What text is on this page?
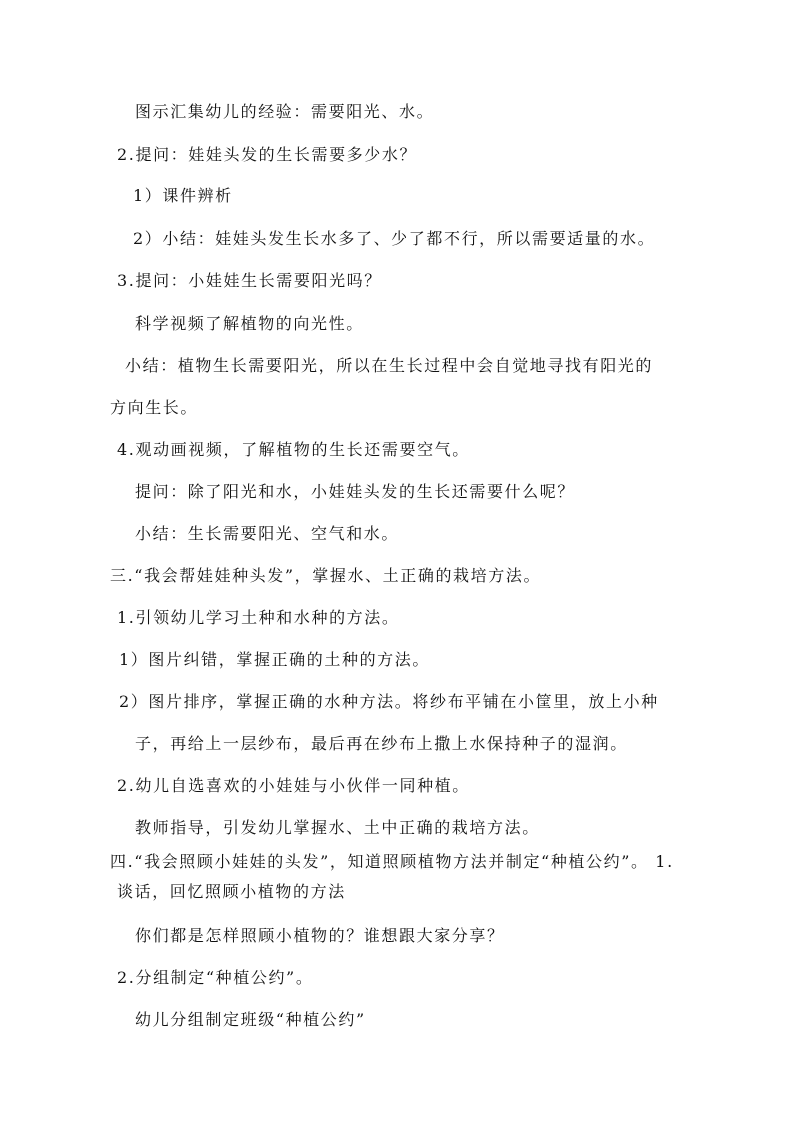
图示汇集幼儿的经验：需要阳光、水。
2.提问：娃娃头发的生长需要多少水？
1）课件辨析
2）小结：娃娃头发生长水多了、少了都不行，所以需要适量的水。
3.提问：小娃娃生长需要阳光吗？
科学视频了解植物的向光性。
小结：植物生长需要阳光，所以在生长过程中会自觉地寻找有阳光的
方向生长。
4.观动画视频，了解植物的生长还需要空气。
提问：除了阳光和水，小娃娃头发的生长还需要什么呢？
小结：生长需要阳光、空气和水。
三.“我会帮娃娃种头发”，掌握水、土正确的栽培方法。
1.引领幼儿学习土种和水种的方法。
1）图片纠错，掌握正确的土种的方法。
2）图片排序，掌握正确的水种方法。将纱布平铺在小筐里，放上小种
子，再给上一层纱布，最后再在纱布上撒上水保持种子的湿润。
2.幼儿自选喜欢的小娃娃与小伙伴一同种植。
教师指导，引发幼儿掌握水、土中正确的栽培方法。
四.“我会照顾小娃娃的头发”，知道照顾植物方法并制定“种植公约”。 1.
谈话，回忆照顾小植物的方法
你们都是怎样照顾小植物的？谁想跟大家分享？
2.分组制定“种植公约”。
幼儿分组制定班级“种植公约”
